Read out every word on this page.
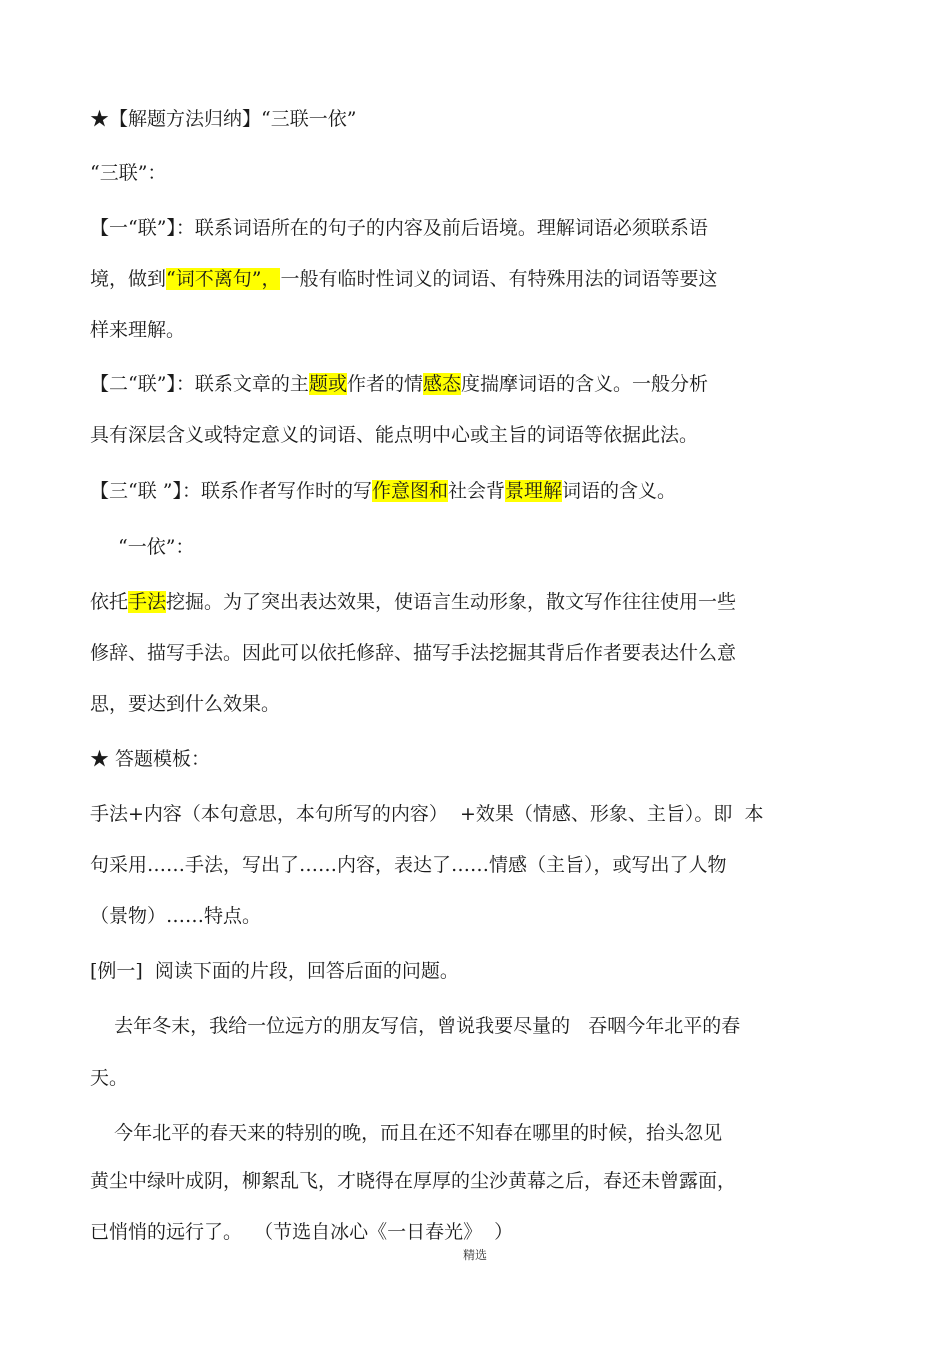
★【解题方法归纳】“三联一依”
“三联”：
【一“联”】：联系词语所在的句子的内容及前后语境。理解词语必须联系语
境，做到“词不离句”，一般有临时性词义的词语、有特殊用法的词语等要这
样来理解。
【二“联”】：联系文章的主题或作者的情感态度揣摩词语的含义。一般分析
具有深层含义或特定意义的词语、能点明中心或主旨的词语等依据此法。
【三“联 ”】：联系作者写作时的写作意图和社会背景理解词语的含义。
“一依”：
依托手法挖掘。为了突出表达效果，使语言生动形象，散文写作往往使用一些
修辞、描写手法。因此可以依托修辞、描写手法挖掘其背后作者要表达什么意
思，要达到什么效果。
★ 答题模板：
手法+内容（本句意思，本句所写的内容）  +效果（情感、形象、主旨）。即  本
句采用……手法，写出了……内容，表达了……情感（主旨），或写出了人物
（景物）……特点。
[例一]  阅读下面的片段，回答后面的问题。
去年冬末，我给一位远方的朋友写信，曾说我要尽量的   吞咽今年北平的春
天。
今年北平的春天来的特别的晚，而且在还不知春在哪里的时候，抬头忽见
黄尘中绿叶成阴，柳絮乱飞，才晓得在厚厚的尘沙黄幕之后，春还未曾露面，
已悄悄的远行了。  （节选自冰心《一日春光》  ）
精选
